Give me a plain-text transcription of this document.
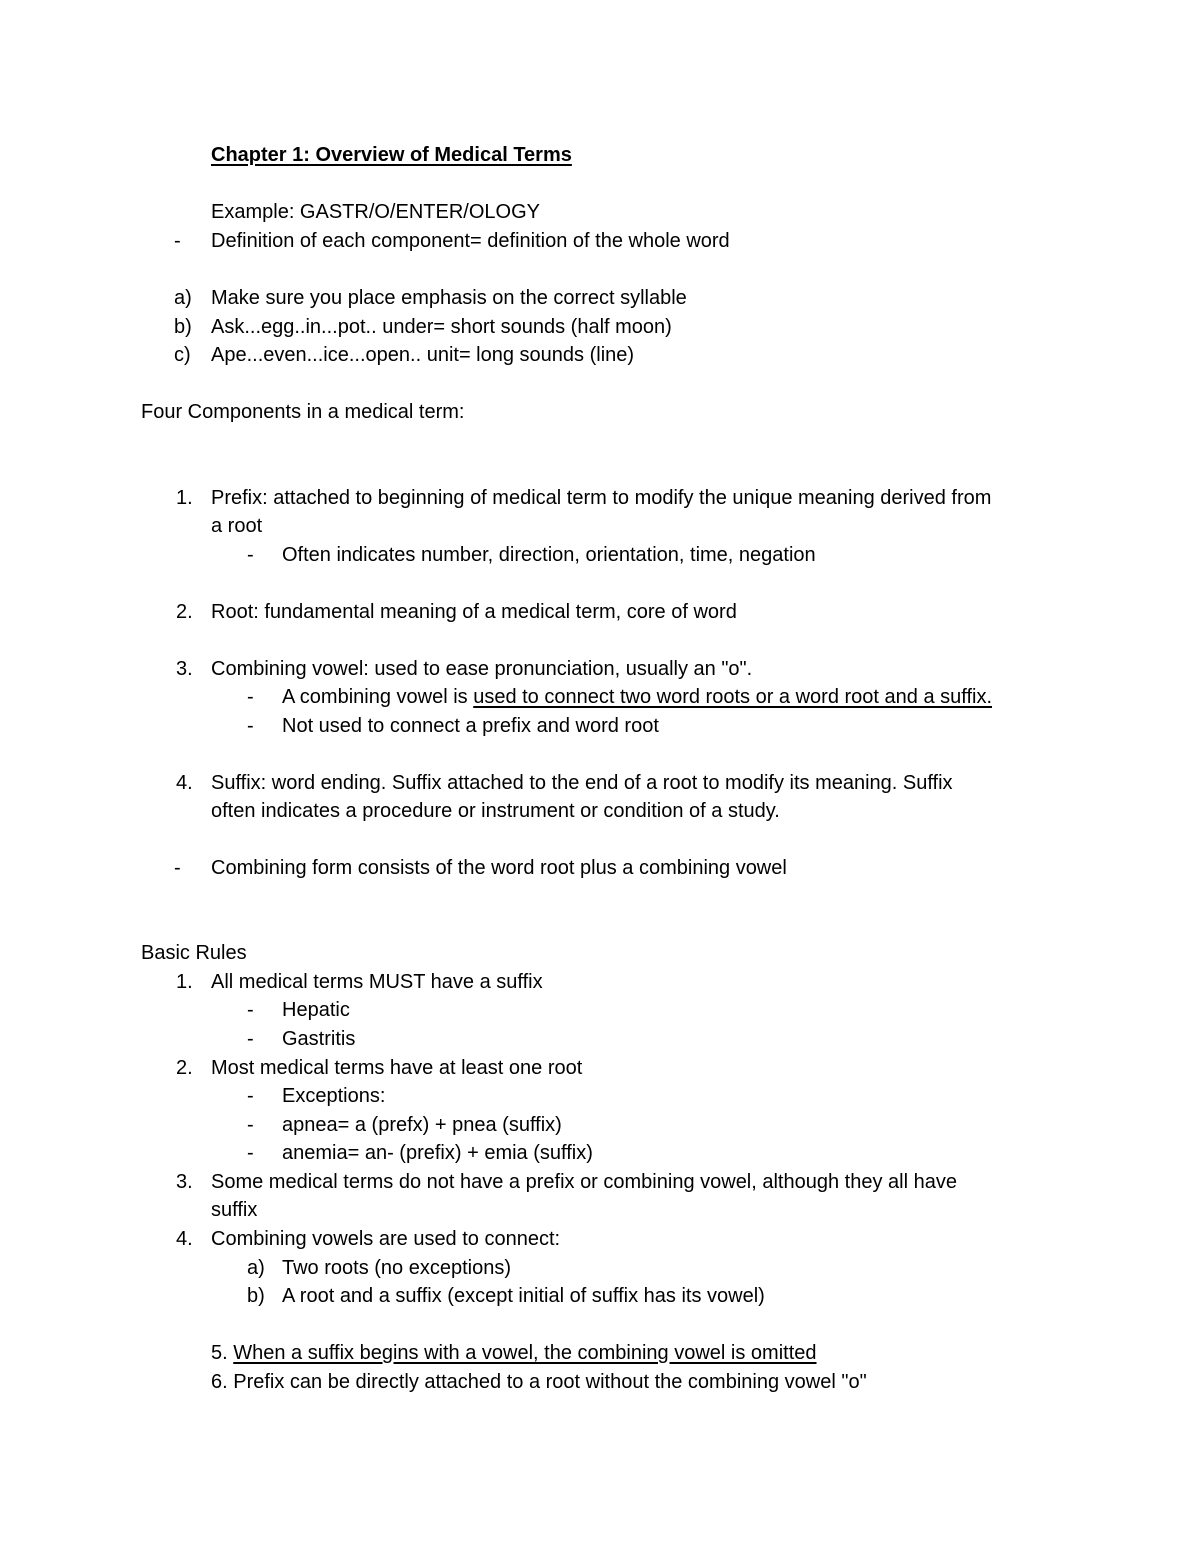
Chapter 1: Overview of Medical Terms
Example: GASTR/O/ENTER/OLOGY
- Definition of each component= definition of the whole word
a) Make sure you place emphasis on the correct syllable
b) Ask...egg..in...pot.. under= short sounds (half moon)
c) Ape...even...ice...open.. unit= long sounds (line)
Four Components in a medical term:
1. Prefix: attached to beginning of medical term to modify the unique meaning derived from
a root
- Often indicates number, direction, orientation, time, negation
2. Root: fundamental meaning of a medical term, core of word
3. Combining vowel: used to ease pronunciation, usually an "o".
- A combining vowel is used to connect two word roots or a word root and a suffix.
- Not used to connect a prefix and word root
4. Suffix: word ending. Suffix attached to the end of a root to modify its meaning. Suffix
often indicates a procedure or instrument or condition of a study.
- Combining form consists of the word root plus a combining vowel
Basic Rules
1. All medical terms MUST have a suffix
- Hepatic
- Gastritis
2. Most medical terms have at least one root
- Exceptions:
- apnea= a (prefx) + pnea (suffix)
- anemia= an- (prefix) + emia (suffix)
3. Some medical terms do not have a prefix or combining vowel, although they all have
suffix
4. Combining vowels are used to connect:
a) Two roots (no exceptions)
b) A root and a suffix (except initial of suffix has its vowel)
5. When a suffix begins with a vowel, the combining vowel is omitted
6. Prefix can be directly attached to a root without the combining vowel "o"
